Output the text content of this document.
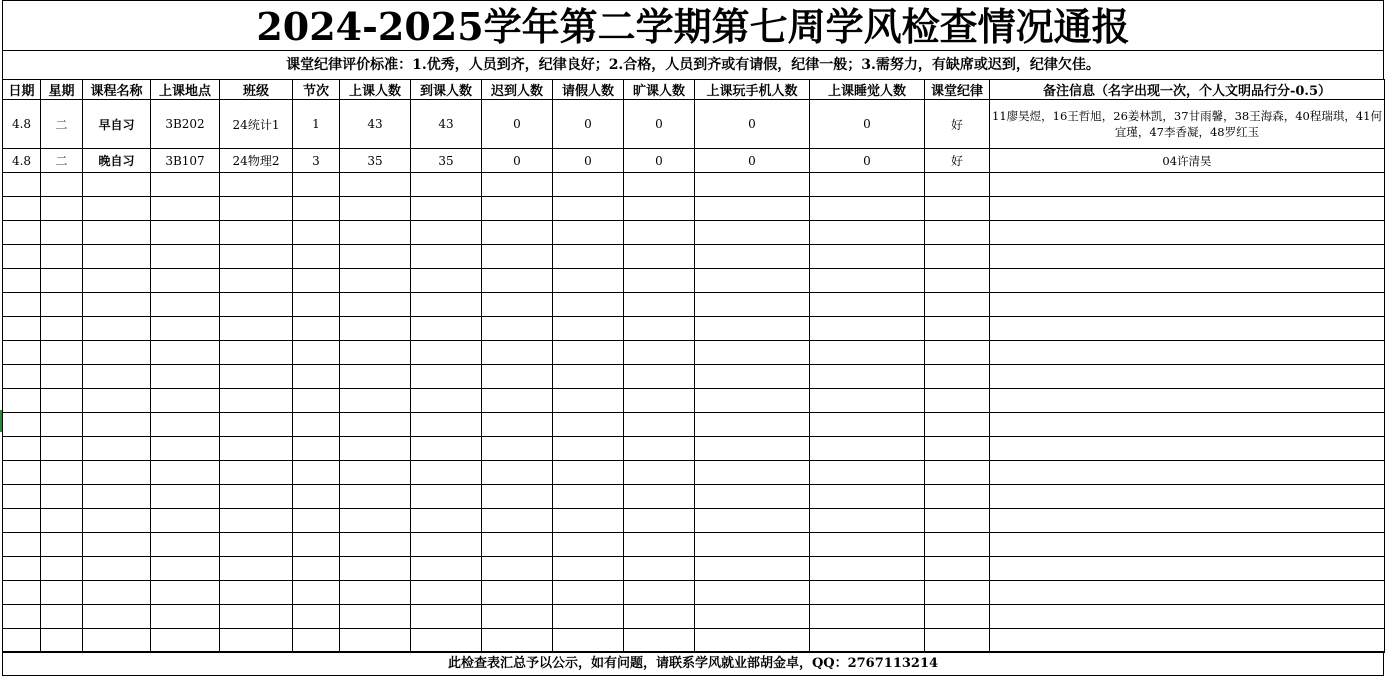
2024-2025学年第二学期第七周学风检查情况通报
课堂纪律评价标准：1.优秀，人员到齐，纪律良好；2.合格，人员到齐或有请假，纪律一般；3.需努力，有缺席或迟到，纪律欠佳。
日期	星期	课程名称	上课地点	班级	节次	上课人数	到课人数	迟到人数	请假人数	旷课人数	上课玩手机人数	上课睡觉人数	课堂纪律	备注信息（名字出现一次，个人文明品行分-0.5）
4.8	二	早自习	3B202	24统计1	1	43	43	0	0	0	0	0	好	11廖昊煜，16王哲旭，26姜林凯，37甘雨馨，38王海森，40程瑞琪，41何宜瑾，47李香凝，48罗红玉
4.8	二	晚自习	3B107	24物理2	3	35	35	0	0	0	0	0	好	04许清昊

此检查表汇总予以公示，如有问题，请联系学风就业部胡金卓，QQ：2767113214
